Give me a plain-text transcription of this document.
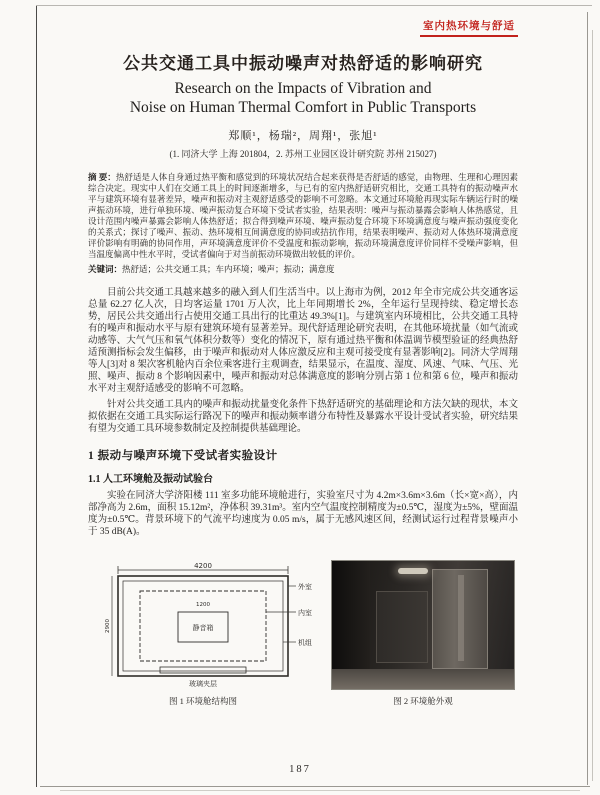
室内热环境与舒适
公共交通工具中振动噪声对热舒适的影响研究
Research on the Impacts of Vibration and
Noise on Human Thermal Comfort in Public Transports
郑顺¹，杨瑞²，周翔¹，张旭¹
(1. 同济大学 上海 201804，2. 苏州工业园区设计研究院 苏州 215027)
摘 要：热舒适是人体自身通过热平衡和感觉到的环境状况结合起来获得是否舒适的感觉，由物理、生理和心理因素综合决定。现实中人们在交通工具上的时间逐渐增多，与已有的室内热舒适研究相比，交通工具特有的振动噪声水平与建筑环境有显著差异，噪声和振动对主观舒适感受的影响不可忽略。本文通过环境舱再现实际车辆运行时的噪声振动环境，进行单独环境、噪声振动复合环境下受试者实验，结果表明：噪声与振动暴露会影响人体热感觉，且设计范围内噪声暴露会影响人体热舒适；拟合得到噪声环境、噪声振动复合环境下环境满意度与噪声振动强度变化的关系式；探讨了噪声、振动、热环境相互间满意度的协同或拮抗作用，结果表明噪声、振动对人体热环境满意度评价影响有明确的协同作用，声环境满意度评价不受温度和振动影响，振动环境满意度评价同样不受噪声影响，但当温度偏离中性水平时，受试者偏向于对当前振动环境做出较低的评价。
关键词：热舒适；公共交通工具；车内环境；噪声；振动；满意度

目前公共交通工具越来越多的融入到人们生活当中。以上海市为例，2012 年全市完成公共交通客运总量 62.27 亿人次，日均客运量 1701 万人次，比上年同期增长 2%，全年运行呈现持续、稳定增长态势，居民公共交通出行占使用交通工具出行的比重达 49.3%[1]。与建筑室内环境相比，公共交通工具特有的噪声和振动水平与原有建筑环境有显著差异。现代舒适理论研究表明，在其他环境扰量（如气流或动感等、大气气压和氧气体积分数等）变化的情况下，原有通过热平衡和体温调节模型验证的经典热舒适预测指标会发生偏移，由于噪声和振动对人体应激反应和主观可接受度有显著影响[2]。同济大学周翔等人[3]对 8 架次客机舱内百余位乘客进行主观调查，结果显示，在温度、湿度、风速、气味、气压、光照、噪声、振动 8 个影响因素中，噪声和振动对总体满意度的影响分别占第 1 位和第 6 位，噪声和振动水平对主观舒适感受的影响不可忽略。

针对公共交通工具内的噪声和振动扰量变化条件下热舒适研究的基础理论和方法欠缺的现状，本文拟依据在交通工具实际运行路况下的噪声和振动频率谱分布特性及暴露水平设计受试者实验，研究结果有望为交通工具环境参数制定及控制提供基础理论。

1 振动与噪声环境下受试者实验设计
1.1 人工环境舱及振动试验台

实验在同济大学济阳楼 111 室多功能环境舱进行，实验室尺寸为 4.2m×3.6m×3.6m（长×宽×高），内部净高为 2.6m，面积 15.12m²，净体积 39.31m³。室内空气温度控制精度为±0.5℃，湿度为±5%，壁面温度为±0.5℃。背景环境下的气流平均速度为 0.05 m/s，属于无感风速区间，经测试运行过程背景噪声小于 35 dB(A)。

4200
1200
静音箱
玻璃夹层
2900
外室
内室
机组
图 1 环境舱结构图	图 2 环境舱外观
187
